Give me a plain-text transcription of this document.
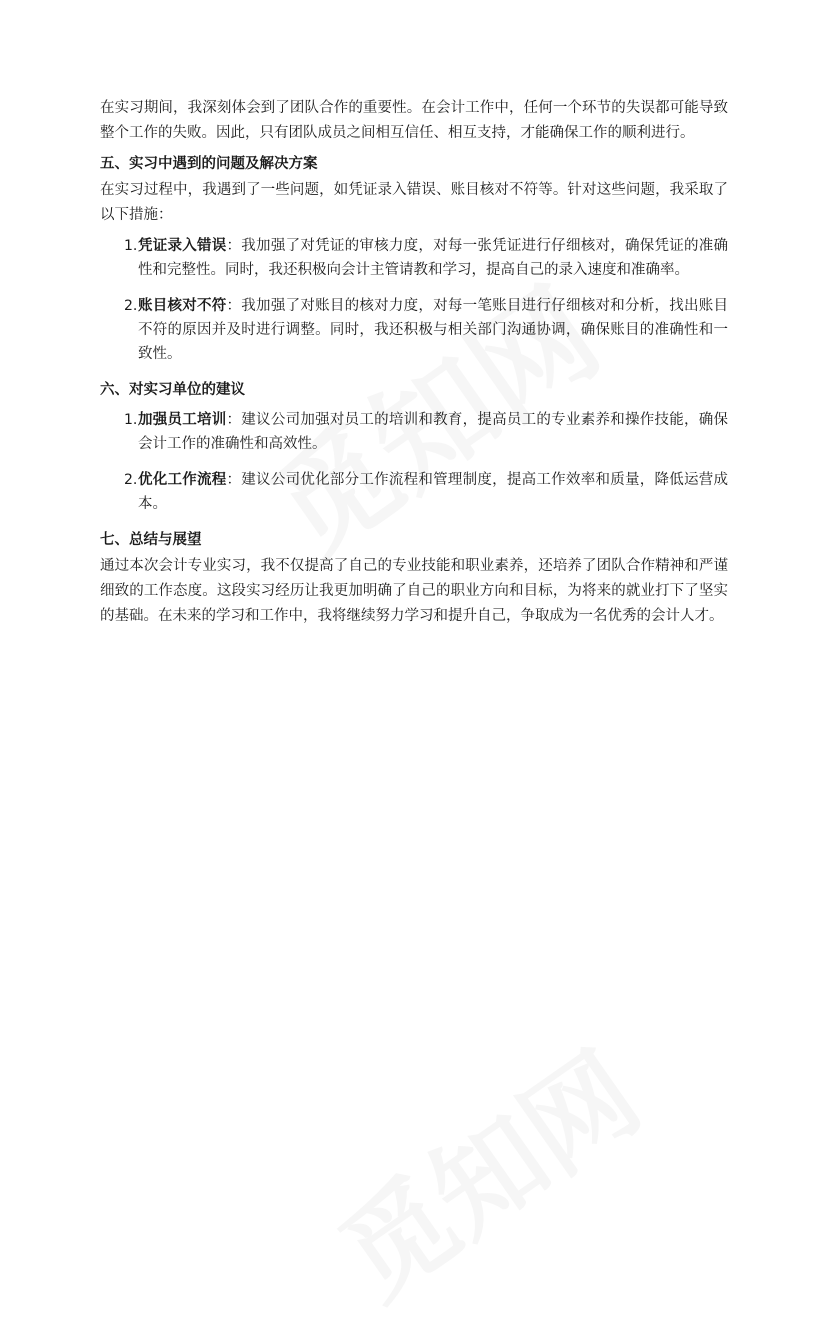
在实习期间，我深刻体会到了团队合作的重要性。在会计工作中，任何一个环节的失误都可能导致整个工作的失败。因此，只有团队成员之间相互信任、相互支持，才能确保工作的顺利进行。

五、实习中遇到的问题及解决方案

在实习过程中，我遇到了一些问题，如凭证录入错误、账目核对不符等。针对这些问题，我采取了以下措施：

1. 凭证录入错误：我加强了对凭证的审核力度，对每一张凭证进行仔细核对，确保凭证的准确性和完整性。同时，我还积极向会计主管请教和学习，提高自己的录入速度和准确率。
2. 账目核对不符：我加强了对账目的核对力度，对每一笔账目进行仔细核对和分析，找出账目不符的原因并及时进行调整。同时，我还积极与相关部门沟通协调，确保账目的准确性和一致性。
六、对实习单位的建议
1. 加强员工培训：建议公司加强对员工的培训和教育，提高员工的专业素养和操作技能，确保会计工作的准确性和高效性。
2. 优化工作流程：建议公司优化部分工作流程和管理制度，提高工作效率和质量，降低运营成本。
七、总结与展望

通过本次会计专业实习，我不仅提高了自己的专业技能和职业素养，还培养了团队合作精神和严谨细致的工作态度。这段实习经历让我更加明确了自己的职业方向和目标，为将来的就业打下了坚实的基础。在未来的学习和工作中，我将继续努力学习和提升自己，争取成为一名优秀的会计人才。
